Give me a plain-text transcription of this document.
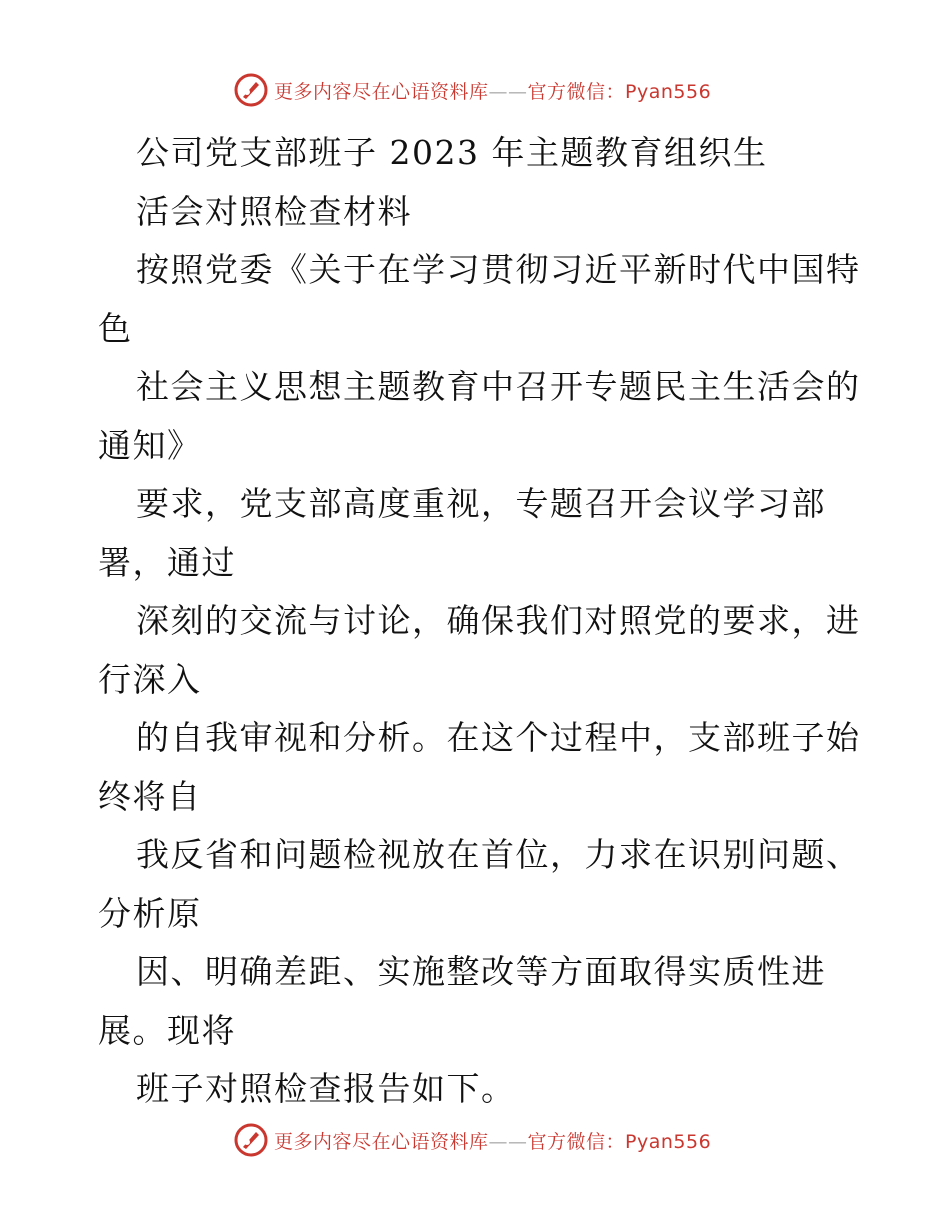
更多内容尽在心语资料库——官方微信：Pyan556
公司党支部班子 2023 年主题教育组织生
活会对照检查材料
按照党委《关于在学习贯彻习近平新时代中国特
色
社会主义思想主题教育中召开专题民主生活会的
通知》
要求，党支部高度重视，专题召开会议学习部
署，通过
深刻的交流与讨论，确保我们对照党的要求，进
行深入
的自我审视和分析。在这个过程中，支部班子始
终将自
我反省和问题检视放在首位，力求在识别问题、
分析原
因、明确差距、实施整改等方面取得实质性进
展。现将
班子对照检查报告如下。
更多内容尽在心语资料库——官方微信：Pyan556
